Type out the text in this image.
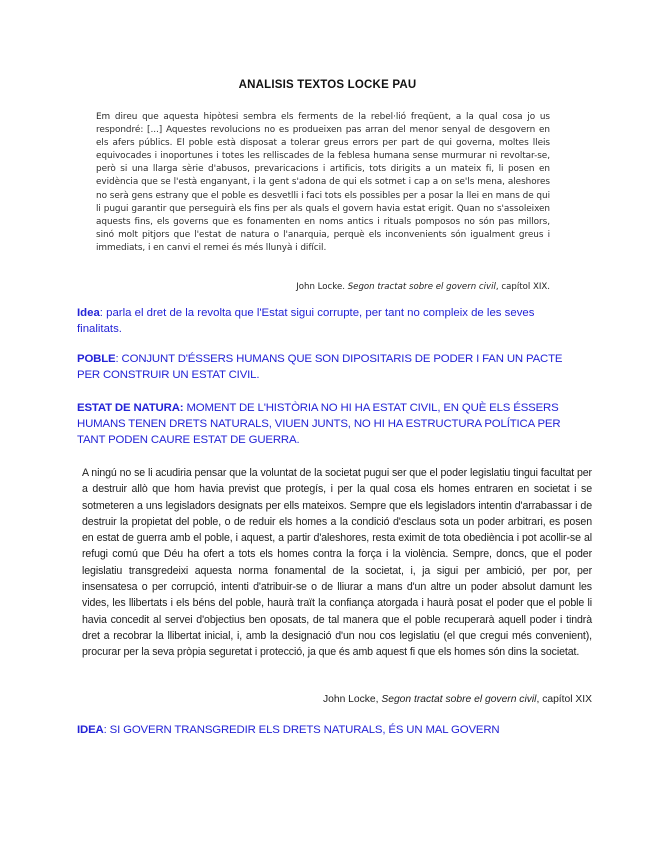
ANALISIS TEXTOS LOCKE PAU
Em direu que aquesta hipòtesi sembra els ferments de la rebel·lió freqüent, a la qual cosa jo us respondré: [...] Aquestes revolucions no es produeixen pas arran del menor senyal de desgovern en els afers públics. El poble està disposat a tolerar greus errors per part de qui governa, moltes lleis equivocades i inoportunes i totes les relliscades de la feblesa humana sense murmurar ni revoltar-se, però si una llarga sèrie d'abusos, prevaricacions i artificis, tots dirigits a un mateix fi, li posen en evidència que se l'està enganyant, i la gent s'adona de qui els sotmet i cap a on se'ls mena, aleshores no serà gens estrany que el poble es desvetlli i faci tots els possibles per a posar la llei en mans de qui li pugui garantir que perseguirà els fins per als quals el govern havia estat erigit. Quan no s'assoleixen aquests fins, els governs que es fonamenten en noms antics i rituals pomposos no són pas millors, sinó molt pitjors que l'estat de natura o l'anarquia, perquè els inconvenients són igualment greus i immediats, i en canvi el remei és més llunyà i difícil.
John Locke. Segon tractat sobre el govern civil, capítol XIX.
Idea: parla el dret de la revolta que l'Estat sigui corrupte, per tant no compleix de les seves finalitats.
POBLE: CONJUNT D'ÉSSERS HUMANS QUE SON DIPOSITARIS DE PODER I FAN UN PACTE PER CONSTRUIR UN ESTAT CIVIL.
ESTAT DE NATURA: MOMENT DE L'HISTÒRIA NO HI HA ESTAT CIVIL, EN QUÈ ELS ÉSSERS HUMANS TENEN DRETS NATURALS, VIUEN JUNTS, NO HI HA ESTRUCTURA POLÍTICA PER TANT PODEN CAURE ESTAT DE GUERRA.
A ningú no se li acudiria pensar que la voluntat de la societat pugui ser que el poder legislatiu tingui facultat per a destruir allò que hom havia previst que protegís, i per la qual cosa els homes entraren en societat i se sotmeteren a uns legisladors designats per ells mateixos. Sempre que els legisladors intentin d'arrabassar i de destruir la propietat del poble, o de reduir els homes a la condició d'esclaus sota un poder arbitrari, es posen en estat de guerra amb el poble, i aquest, a partir d'aleshores, resta eximit de tota obediència i pot acollir-se al refugi comú que Déu ha ofert a tots els homes contra la força i la violència. Sempre, doncs, que el poder legislatiu transgredeixi aquesta norma fonamental de la societat, i, ja sigui per ambició, per por, per insensatesa o per corrupció, intenti d'atribuir-se o de lliurar a mans d'un altre un poder absolut damunt les vides, les llibertats i els béns del poble, haurà traït la confiança atorgada i haurà posat el poder que el poble li havia concedit al servei d'objectius ben oposats, de tal manera que el poble recuperarà aquell poder i tindrà dret a recobrar la llibertat inicial, i, amb la designació d'un nou cos legislatiu (el que cregui més convenient), procurar per la seva pròpia seguretat i protecció, ja que és amb aquest fi que els homes són dins la societat.
John Locke, Segon tractat sobre el govern civil, capítol XIX
IDEA: SI GOVERN TRANSGREDIR ELS DRETS NATURALS, ÉS UN MAL GOVERN
